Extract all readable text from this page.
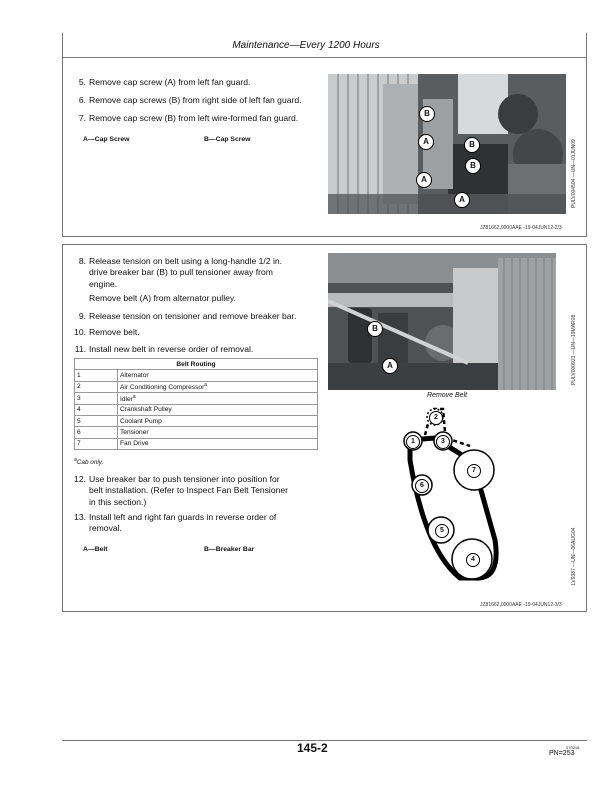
Maintenance—Every 1200 Hours
5. Remove cap screw (A) from left fan guard.
6. Remove cap screws (B) from right side of left fan guard.
7. Remove cap screw (B) from left wire-formed fan guard.
A—Cap Screw	B—Cap Screw
B
A	B
A
B
A	PULV004504 —UN—01JUN09
JZ81662,0000AAE -19-04JUN12-2/3
8. Release tension on belt using a long-handle 1/2 in.
drive breaker bar (B) to pull tensioner away from
engine.
Remove belt (A) from alternator pulley.
9. Release tension on tensioner and remove breaker bar.
10. Remove belt.
11. Install new belt in reverse order of removal.
Belt Routing	
1	Alternator
2	Air Conditioning Compressor$^a$
3	Idler$^a$
4	Crankshaft Pulley
5	Coolant Pump
6	Tensioner
7	Fan Drive
$^a$Cab only.
12. Use breaker bar to push tensioner into position for
belt installation. (Refer to Inspect Fan Belt Tensioner
in this section.)
13. Install left and right fan guards in reverse order of
removal.
A—Belt	B—Breaker Bar
B
A	PULV000923 —UN—19MAR08
Remove Belt
2
1	3
7
6
5
4	LV9387 —UN—06AUG04
JZ81662,0000AAE -19-04JUN12-3/3
145-2	070215
PN=253
